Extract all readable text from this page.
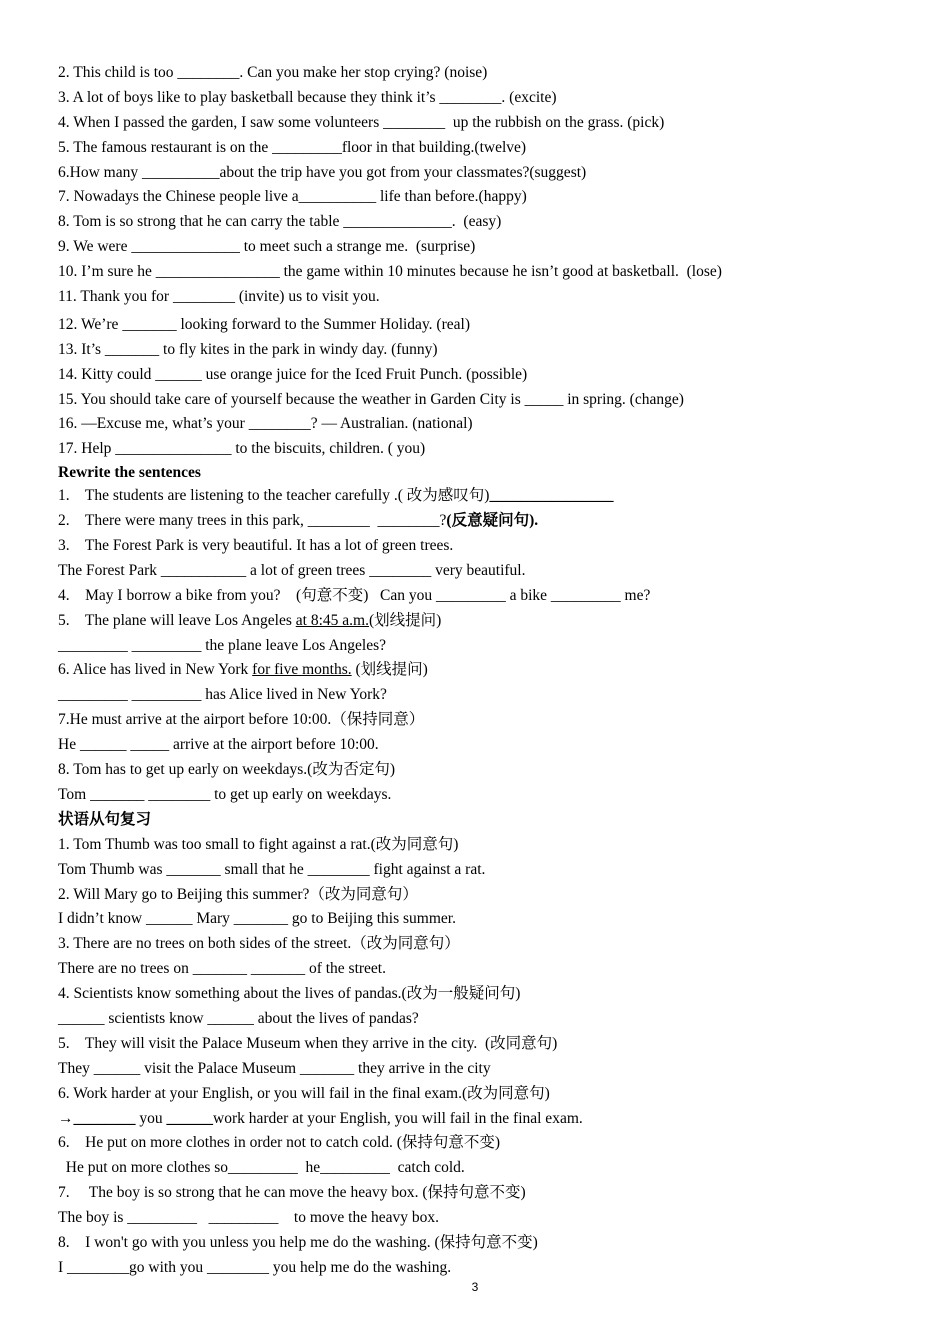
2. This child is too ________. Can you make her stop crying? (noise)
3. A lot of boys like to play basketball because they think it’s ________. (excite)
4. When I passed the garden, I saw some volunteers ________  up the rubbish on the grass. (pick)
5. The famous restaurant is on the _________floor in that building.(twelve)
6.How many __________about the trip have you got from your classmates?(suggest)
7. Nowadays the Chinese people live a__________ life than before.(happy)
8. Tom is so strong that he can carry the table ______________.  (easy)
9. We were ______________ to meet such a strange me.  (surprise)
10. I’m sure he ________________ the game within 10 minutes because he isn’t good at basketball.  (lose)
11. Thank you for ________ (invite) us to visit you.
12. We’re _______ looking forward to the Summer Holiday. (real)
13. It’s _______ to fly kites in the park in windy day. (funny)
14. Kitty could ______ use orange juice for the Iced Fruit Punch. (possible)
15. You should take care of yourself because the weather in Garden City is _____ in spring. (change)
16. —Excuse me, what’s your ________? — Australian. (national)
17. Help _______________ to the biscuits, children. ( you)
Rewrite the sentences
1.    The students are listening to the teacher carefully .( 改为感叹句)________________
2.    There were many trees in this park, ________  ________?(反意疑问句).
3.    The Forest Park is very beautiful. It has a lot of green trees.
The Forest Park ___________ a lot of green trees ________ very beautiful.
4.    May I borrow a bike from you?    (句意不变)   Can you _________ a bike _________ me?
5.    The plane will leave Los Angeles at 8:45 a.m.(划线提问)
_________ _________ the plane leave Los Angeles?
6. Alice has lived in New York for five months. (划线提问)
_________ _________ has Alice lived in New York?
7.He must arrive at the airport before 10:00.（保持同意）
He ______ _____ arrive at the airport before 10:00.
8. Tom has to get up early on weekdays.(改为否定句)
Tom _______ ________ to get up early on weekdays.
状语从句复习
1. Tom Thumb was too small to fight against a rat.(改为同意句)
Tom Thumb was _______ small that he ________ fight against a rat.
2. Will Mary go to Beijing this summer?（改为同意句）
I didn’t know ______ Mary _______ go to Beijing this summer.
3. There are no trees on both sides of the street.（改为同意句）
There are no trees on _______ _______ of the street.
4. Scientists know something about the lives of pandas.(改为一般疑问句)
______ scientists know ______ about the lives of pandas?
5.    They will visit the Palace Museum when they arrive in the city.  (改同意句)
They ______ visit the Palace Museum _______ they arrive in the city
6. Work harder at your English, or you will fail in the final exam.(改为同意句)
→________ you ______work harder at your English, you will fail in the final exam.
6.    He put on more clothes in order not to catch cold. (保持句意不变)
He put on more clothes so_________  he_________  catch cold.
7.     The boy is so strong that he can move the heavy box. (保持句意不变)
The boy is _________   _________    to move the heavy box.
8.    I won't go with you unless you help me do the washing. (保持句意不变)
I ________go with you ________ you help me do the washing.
3
